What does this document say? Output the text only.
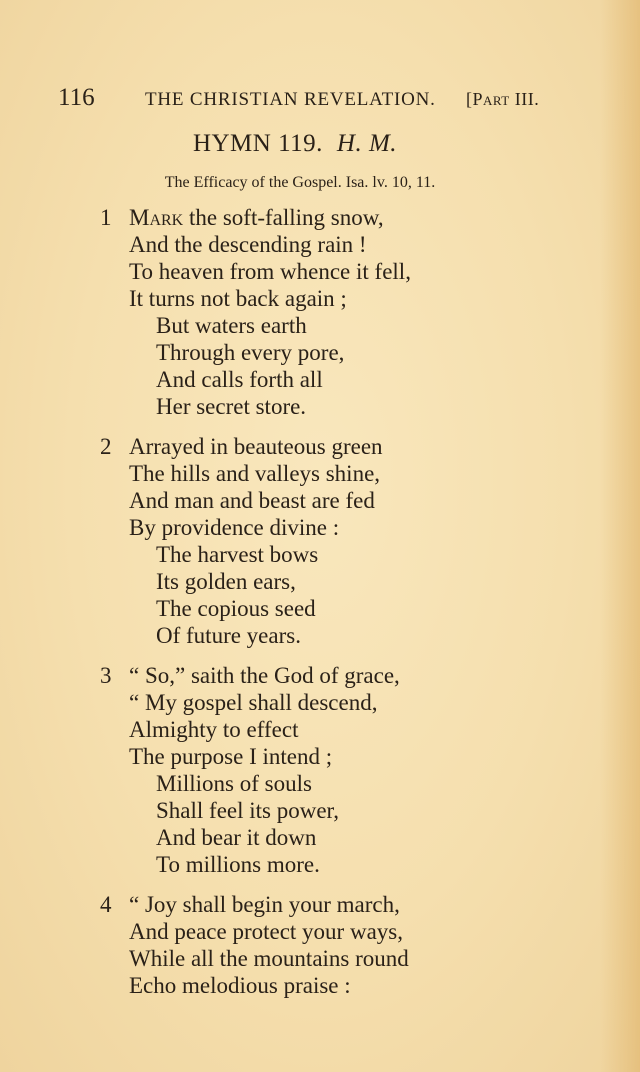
116	THE CHRISTIAN REVELATION. [Part III.
HYMN 119. H. M.
The Efficacy of the Gospel. Isa. lv. 10, 11.
1 Mark the soft-falling snow,
And the descending rain !
To heaven from whence it fell,
It turns not back again ;
But waters earth
Through every pore,
And calls forth all
Her secret store.
2 Arrayed in beauteous green
The hills and valleys shine,
And man and beast are fed
By providence divine :
The harvest bows
Its golden ears,
The copious seed
Of future years.
3 “ So,” saith the God of grace,
“ My gospel shall descend,
Almighty to effect
The purpose I intend ;
Millions of souls
Shall feel its power,
And bear it down
To millions more.
4 “ Joy shall begin your march,
And peace protect your ways,
While all the mountains round
Echo melodious praise :
